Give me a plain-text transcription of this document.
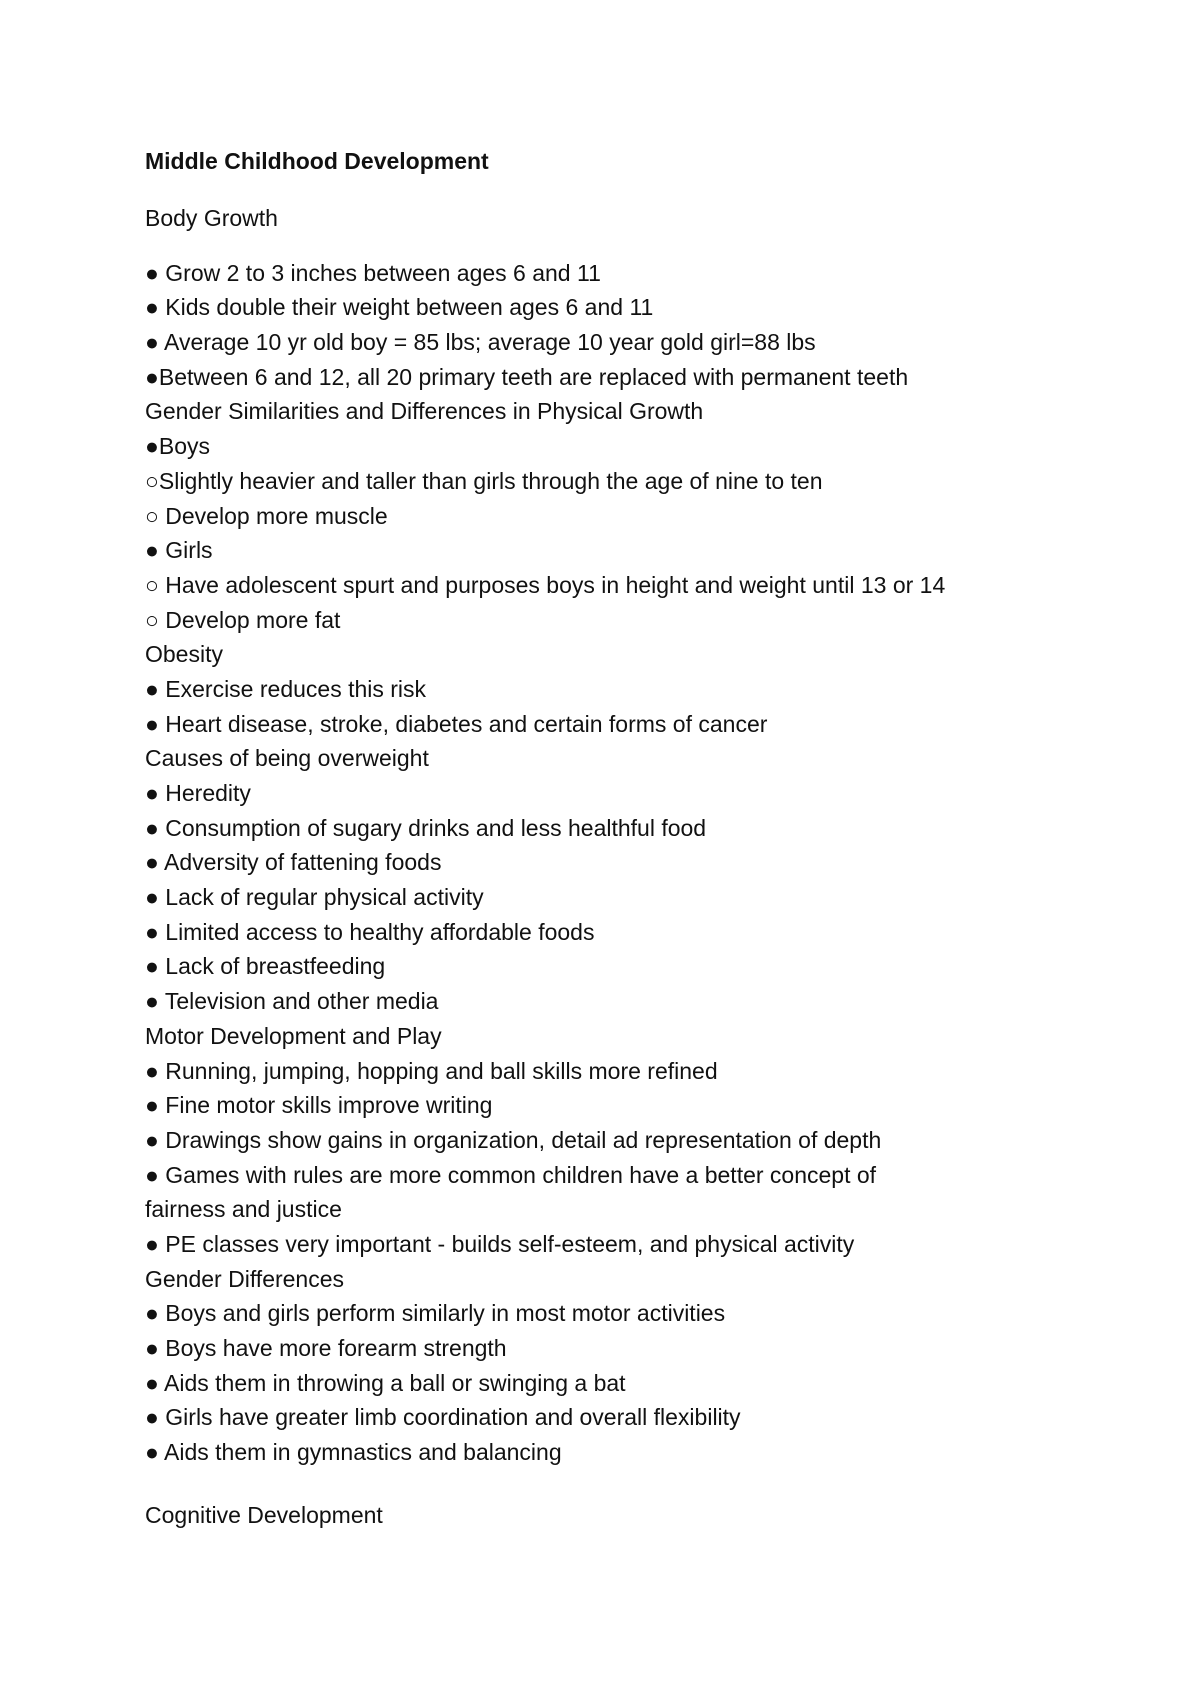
Middle Childhood Development
Body Growth
● Grow 2 to 3 inches between ages 6 and 11
● Kids double their weight between ages 6 and 11
● Average 10 yr old boy = 85 lbs; average 10 year gold girl=88 lbs
●Between 6 and 12, all 20 primary teeth are replaced with permanent teeth
Gender Similarities and Differences in Physical Growth
●Boys
○Slightly heavier and taller than girls through the age of nine to ten
○ Develop more muscle
● Girls
○ Have adolescent spurt and purposes boys in height and weight until 13 or 14
○ Develop more fat
Obesity
● Exercise reduces this risk
● Heart disease, stroke, diabetes and certain forms of cancer
Causes of being overweight
● Heredity
● Consumption of sugary drinks and less healthful food
● Adversity of fattening foods
● Lack of regular physical activity
● Limited access to healthy affordable foods
● Lack of breastfeeding
● Television and other media
Motor Development and Play
● Running, jumping, hopping and ball skills more refined
● Fine motor skills improve writing
● Drawings show gains in organization, detail ad representation of depth
● Games with rules are more common children have a better concept of
fairness and justice
● PE classes very important - builds self-esteem, and physical activity
Gender Differences
● Boys and girls perform similarly in most motor activities
● Boys have more forearm strength
● Aids them in throwing a ball or swinging a bat
● Girls have greater limb coordination and overall flexibility
● Aids them in gymnastics and balancing
Cognitive Development
